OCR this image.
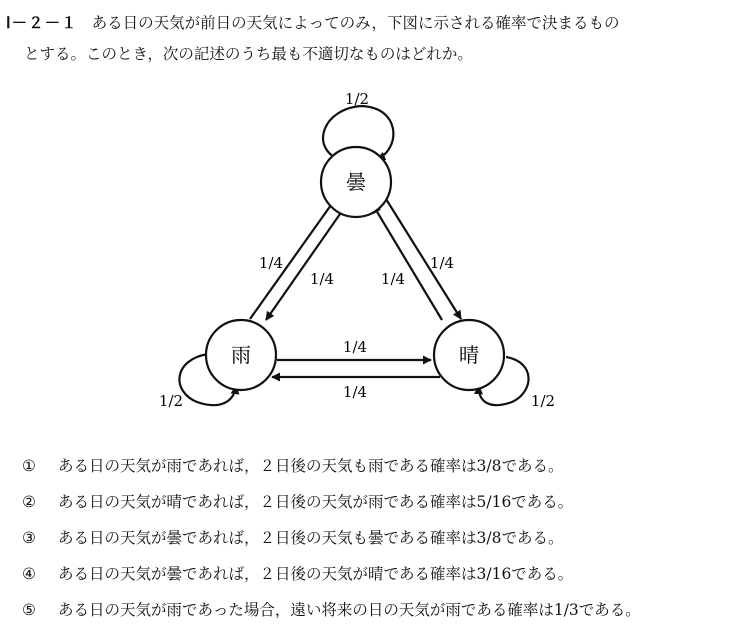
Ⅰ－２－１ ある日の天気が前日の天気によってのみ，下図に示される確率で決まるもの
とする。このとき，次の記述のうち最も不適切なものはどれか。

曇
雨	晴
1/2
1/4
1/4	1/4
1/4
1/4
1/4
1/2	1/2
① ある日の天気が雨であれば，２日後の天気も雨である確率は3/8である。
② ある日の天気が晴であれば，２日後の天気が雨である確率は5/16である。
③ ある日の天気が曇であれば，２日後の天気も曇である確率は3/8である。
④ ある日の天気が曇であれば，２日後の天気が晴である確率は3/16である。
⑤ ある日の天気が雨であった場合，遠い将来の日の天気が雨である確率は1/3である。
